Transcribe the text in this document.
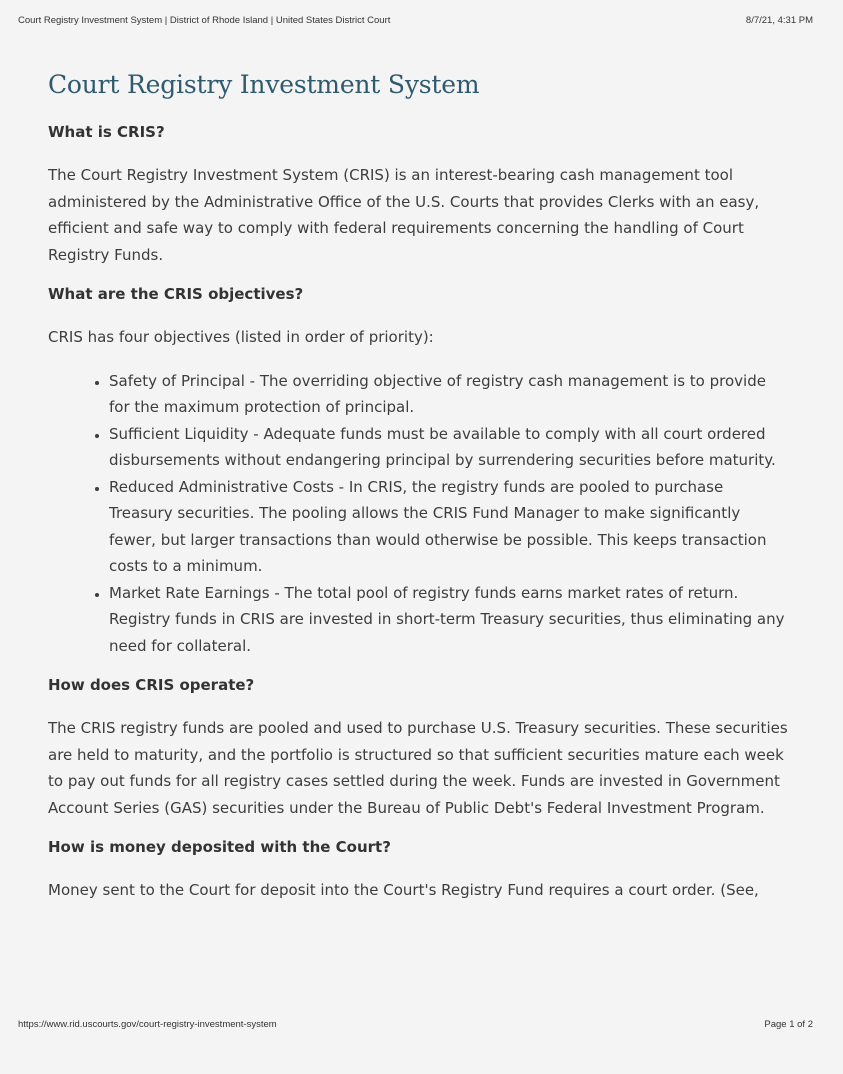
Court Registry Investment System | District of Rhode Island | United States District Court	8/7/21, 4:31 PM
Court Registry Investment System
What is CRIS?

The Court Registry Investment System (CRIS) is an interest-bearing cash management tool administered by the Administrative Office of the U.S. Courts that provides Clerks with an easy, efficient and safe way to comply with federal requirements concerning the handling of Court Registry Funds.

What are the CRIS objectives?

CRIS has four objectives (listed in order of priority):

• Safety of Principal - The overriding objective of registry cash management is to provide for the maximum protection of principal.
• Sufficient Liquidity - Adequate funds must be available to comply with all court ordered disbursements without endangering principal by surrendering securities before maturity.
• Reduced Administrative Costs - In CRIS, the registry funds are pooled to purchase Treasury securities. The pooling allows the CRIS Fund Manager to make significantly fewer, but larger transactions than would otherwise be possible. This keeps transaction costs to a minimum.
• Market Rate Earnings - The total pool of registry funds earns market rates of return. Registry funds in CRIS are invested in short-term Treasury securities, thus eliminating any need for collateral.
How does CRIS operate?

The CRIS registry funds are pooled and used to purchase U.S. Treasury securities. These securities are held to maturity, and the portfolio is structured so that sufficient securities mature each week to pay out funds for all registry cases settled during the week. Funds are invested in Government Account Series (GAS) securities under the Bureau of Public Debt's Federal Investment Program.

How is money deposited with the Court?

Money sent to the Court for deposit into the Court's Registry Fund requires a court order. (See,

https://www.rid.uscourts.gov/court-registry-investment-system	Page 1 of 2
